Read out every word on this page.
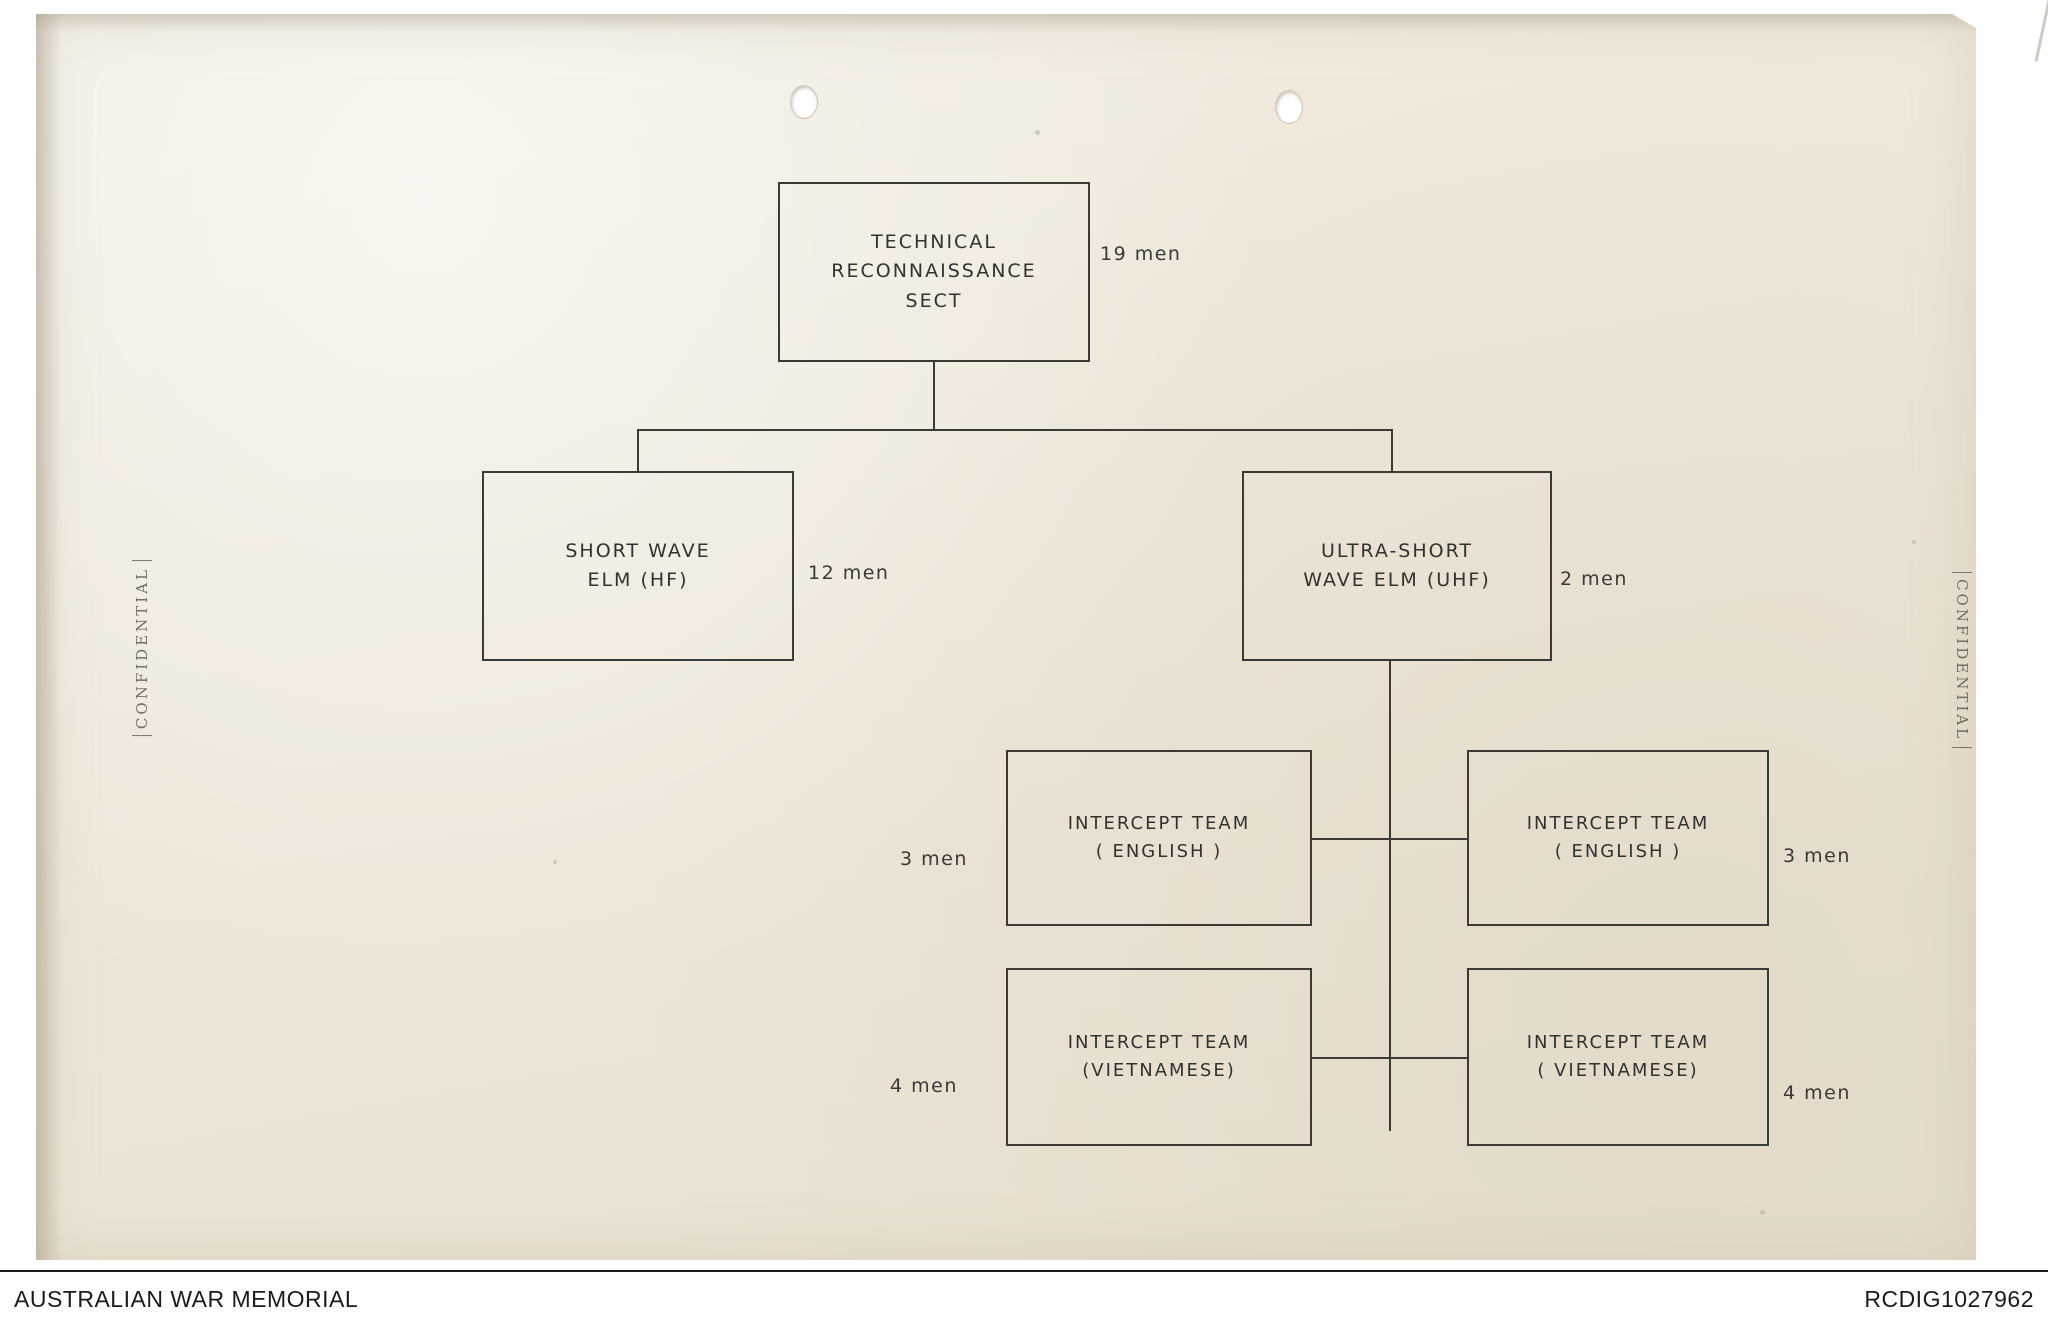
CONFIDENTIAL	CONFIDENTIAL
TECHNICAL
RECONNAISSANCE
SECT
19 men
SHORT WAVE
ELM (HF)	12 men
ULTRA-SHORT
WAVE ELM (UHF)	2 men
INTERCEPT TEAM
( ENGLISH )
3 men
INTERCEPT TEAM
( ENGLISH )	3 men
INTERCEPT TEAM
(VIETNAMESE)
4 men
INTERCEPT TEAM
( VIETNAMESE)
4 men
AUSTRALIAN WAR MEMORIAL	RCDIG1027962
